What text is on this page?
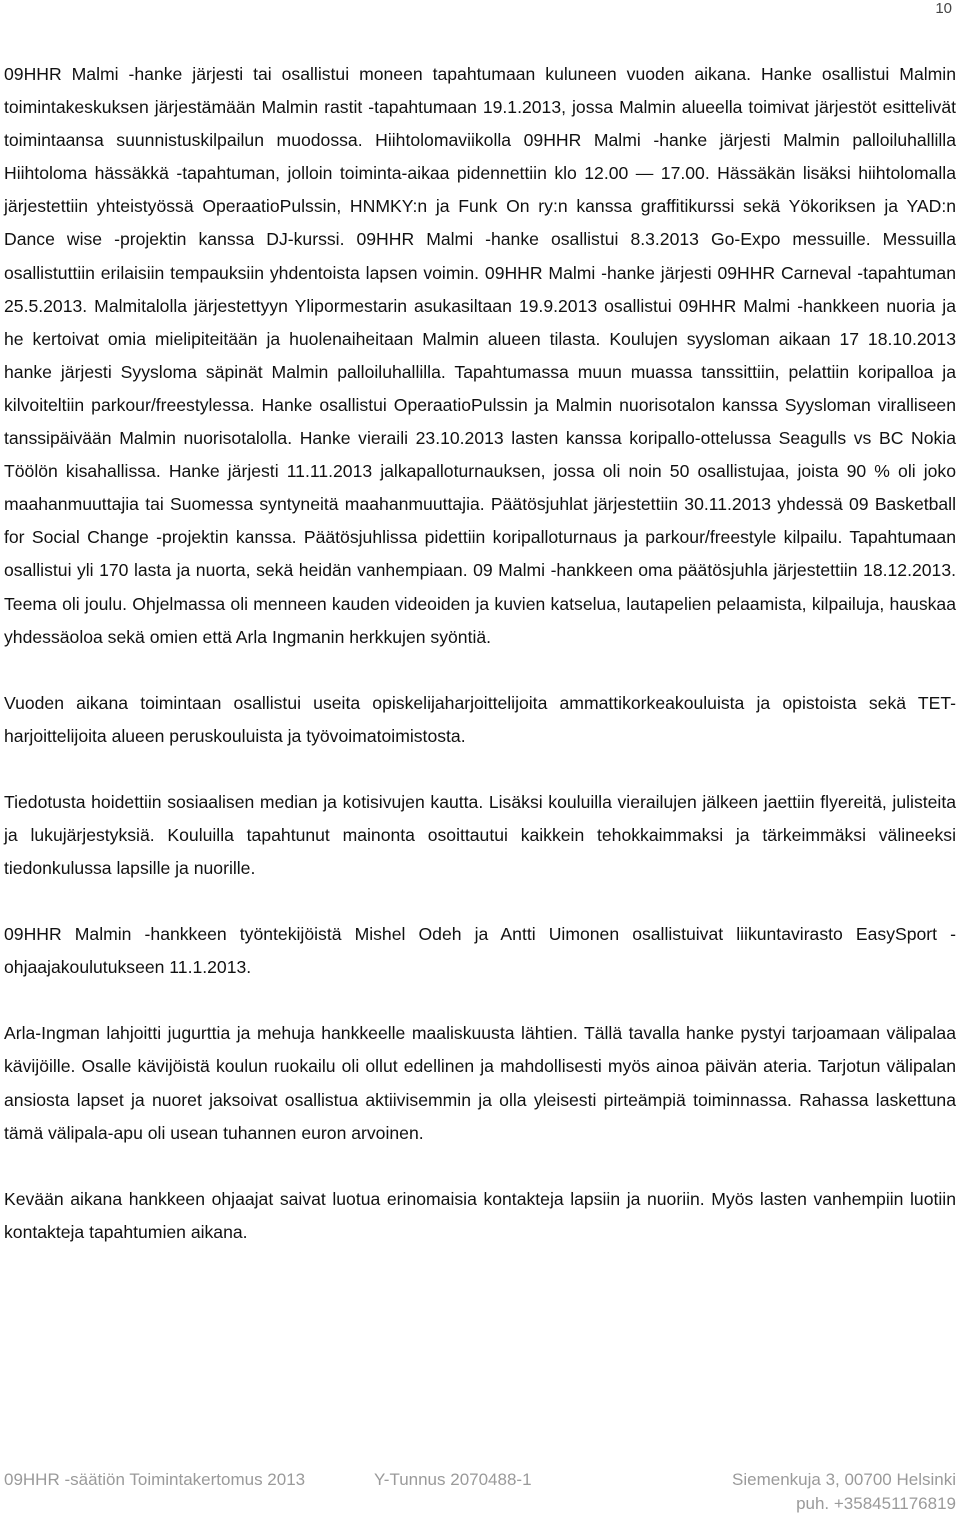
10

09HHR Malmi -hanke järjesti tai osallistui moneen tapahtumaan kuluneen vuoden aikana. Hanke osallistui Malmin toimintakeskuksen järjestämään Malmin rastit -tapahtumaan 19.1.2013, jossa Malmin alueella toimivat järjestöt esittelivät toimintaansa suunnistuskilpailun muodossa. Hiihtolomaviikolla 09HHR Malmi -hanke järjesti Malmin palloiluhallilla Hiihtoloma hässäkkä -tapahtuman, jolloin toiminta-aikaa pidennettiin klo 12.00 — 17.00. Hässäkän lisäksi hiihtolomalla järjestettiin yhteistyössä OperaatioPulssin, HNMKY:n ja Funk On ry:n kanssa graffitikurssi sekä Yökoriksen ja YAD:n Dance wise -projektin kanssa DJ-kurssi. 09HHR Malmi -hanke osallistui 8.3.2013 Go-Expo messuille. Messuilla osallistuttiin erilaisiin tempauksiin yhdentoista lapsen voimin. 09HHR Malmi -hanke järjesti 09HHR Carneval -tapahtuman 25.5.2013. Malmitalolla järjestettyyn Ylipormestarin asukasiltaan 19.9.2013 osallistui 09HHR Malmi -hankkeen nuoria ja he kertoivat omia mielipiteitään ja huolenaiheitaan Malmin alueen tilasta. Koulujen syysloman aikaan 17 18.10.2013 hanke järjesti Syysloma säpinät Malmin palloiluhallilla. Tapahtumassa muun muassa tanssittiin, pelattiin koripalloa ja kilvoiteltiin parkour/freestylessa. Hanke osallistui OperaatioPulssin ja Malmin nuorisotalon kanssa Syysloman viralliseen tanssipäivään Malmin nuorisotalolla. Hanke vieraili 23.10.2013 lasten kanssa koripallo-ottelussa Seagulls vs BC Nokia Töölön kisahallissa. Hanke järjesti 11.11.2013 jalkapalloturnauksen, jossa oli noin 50 osallistujaa, joista 90 % oli joko maahanmuuttajia tai Suomessa syntyneitä maahanmuuttajia. Päätösjuhlat järjestettiin 30.11.2013 yhdessä 09 Basketball for Social Change -projektin kanssa. Päätösjuhlissa pidettiin koripalloturnaus ja parkour/freestyle kilpailu. Tapahtumaan osallistui yli 170 lasta ja nuorta, sekä heidän vanhempiaan. 09 Malmi -hankkeen oma päätösjuhla järjestettiin 18.12.2013. Teema oli joulu. Ohjelmassa oli menneen kauden videoiden ja kuvien katselua, lautapelien pelaamista, kilpailuja, hauskaa yhdessäoloa sekä omien että Arla Ingmanin herkkujen syöntiä.

Vuoden aikana toimintaan osallistui useita opiskelijaharjoittelijoita ammattikorkeakouluista ja opistoista sekä TET-harjoittelijoita alueen peruskouluista ja työvoimatoimistosta.

Tiedotusta hoidettiin sosiaalisen median ja kotisivujen kautta. Lisäksi kouluilla vierailujen jälkeen jaettiin flyereitä, julisteita ja lukujärjestyksiä. Kouluilla tapahtunut mainonta osoittautui kaikkein tehokkaimmaksi ja tärkeimmäksi välineeksi tiedonkulussa lapsille ja nuorille.

09HHR Malmin -hankkeen työntekijöistä Mishel Odeh ja Antti Uimonen osallistuivat liikuntavirasto EasySport -ohjaajakoulutukseen 11.1.2013.

Arla-Ingman lahjoitti jugurttia ja mehuja hankkeelle maaliskuusta lähtien. Tällä tavalla hanke pystyi tarjoamaan välipalaa kävijöille. Osalle kävijöistä koulun ruokailu oli ollut edellinen ja mahdollisesti myös ainoa päivän ateria. Tarjotun välipalan ansiosta lapset ja nuoret jaksoivat osallistua aktiivisemmin ja olla yleisesti pirteämpiä toiminnassa. Rahassa laskettuna tämä välipala-apu oli usean tuhannen euron arvoinen.

Kevään aikana hankkeen ohjaajat saivat luotua erinomaisia kontakteja lapsiin ja nuoriin. Myös lasten vanhempiin luotiin kontakteja tapahtumien aikana.

09HHR -säätiön Toimintakertomus 2013	Y-Tunnus 2070488-1	Siemenkuja 3, 00700 Helsinki
puh. +358451176819
